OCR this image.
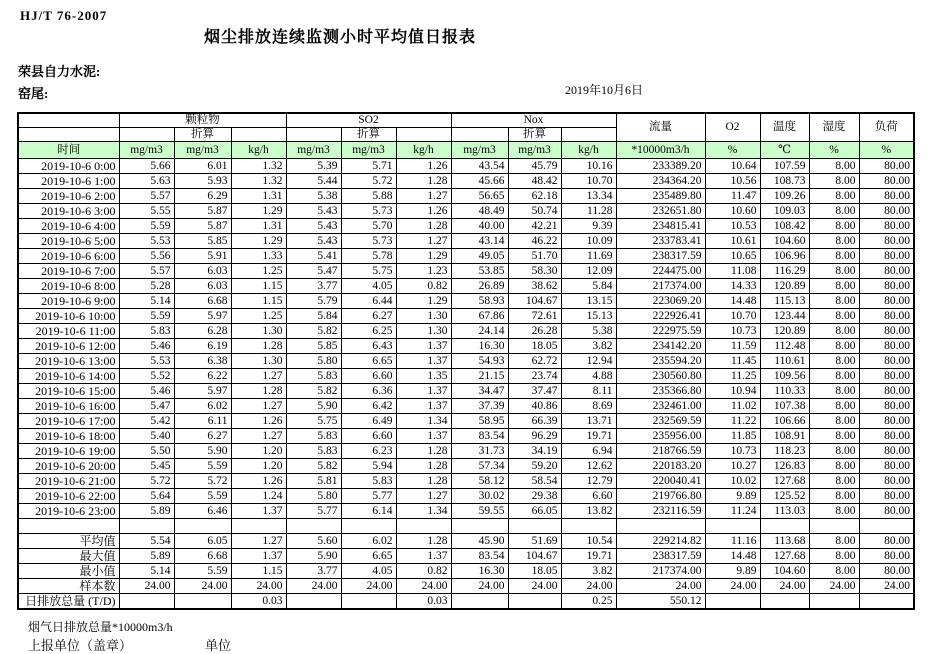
HJ/T 76-2007
烟尘排放连续监测小时平均值日报表
荣县自力水泥:
窑尾:	2019年10月6日
	颗粒物			SO2			Nox			流量	O2	温度	湿度	负荷
		折算			折算			折算						
时间	mg/m3	mg/m3	kg/h	mg/m3	mg/m3	kg/h	mg/m3	mg/m3	kg/h	*10000m3/h	%	℃	%	%

2019-10-6 0:00	5.66	6.01	1.32	5.39	5.71	1.26	43.54	45.79	10.16	233389.20	10.64	107.59	8.00	80.00

2019-10-6 1:00	5.63	5.93	1.32	5.44	5.72	1.28	45.66	48.42	10.70	234364.20	10.56	108.73	8.00	80.00

2019-10-6 2:00	5.57	6.29	1.31	5.38	5.88	1.27	56.65	62.18	13.34	235489.80	11.47	109.26	8.00	80.00

2019-10-6 3:00	5.55	5.87	1.29	5.43	5.73	1.26	48.49	50.74	11.28	232651.80	10.60	109.03	8.00	80.00

2019-10-6 4:00	5.59	5.87	1.31	5.43	5.70	1.28	40.00	42.21	9.39	234815.41	10.53	108.42	8.00	80.00

2019-10-6 5:00	5.53	5.85	1.29	5.43	5.73	1.27	43.14	46.22	10.09	233783.41	10.61	104.60	8.00	80.00

2019-10-6 6:00	5.56	5.91	1.33	5.41	5.78	1.29	49.05	51.70	11.69	238317.59	10.65	106.96	8.00	80.00

2019-10-6 7:00	5.57	6.03	1.25	5.47	5.75	1.23	53.85	58.30	12.09	224475.00	11.08	116.29	8.00	80.00

2019-10-6 8:00	5.28	6.03	1.15	3.77	4.05	0.82	26.89	38.62	5.84	217374.00	14.33	120.89	8.00	80.00

2019-10-6 9:00	5.14	6.68	1.15	5.79	6.44	1.29	58.93	104.67	13.15	223069.20	14.48	115.13	8.00	80.00

2019-10-6 10:00	5.59	5.97	1.25	5.84	6.27	1.30	67.86	72.61	15.13	222926.41	10.70	123.44	8.00	80.00

2019-10-6 11:00	5.83	6.28	1.30	5.82	6.25	1.30	24.14	26.28	5.38	222975.59	10.73	120.89	8.00	80.00

2019-10-6 12:00	5.46	6.19	1.28	5.85	6.43	1.37	16.30	18.05	3.82	234142.20	11.59	112.48	8.00	80.00

2019-10-6 13:00	5.53	6.38	1.30	5.80	6.65	1.37	54.93	62.72	12.94	235594.20	11.45	110.61	8.00	80.00

2019-10-6 14:00	5.52	6.22	1.27	5.83	6.60	1.35	21.15	23.74	4.88	230560.80	11.25	109.56	8.00	80.00

2019-10-6 15:00	5.46	5.97	1.28	5.82	6.36	1.37	34.47	37.47	8.11	235366.80	10.94	110.33	8.00	80.00

2019-10-6 16:00	5.47	6.02	1.27	5.90	6.42	1.37	37.39	40.86	8.69	232461.00	11.02	107.38	8.00	80.00

2019-10-6 17:00	5.42	6.11	1.26	5.75	6.49	1.34	58.95	66.39	13.71	232569.59	11.22	106.66	8.00	80.00

2019-10-6 18:00	5.40	6.27	1.27	5.83	6.60	1.37	83.54	96.29	19.71	235956.00	11.85	108.91	8.00	80.00

2019-10-6 19:00	5.50	5.90	1.20	5.83	6.23	1.28	31.73	34.19	6.94	218766.59	10.73	118.23	8.00	80.00

2019-10-6 20:00	5.45	5.59	1.20	5.82	5.94	1.28	57.34	59.20	12.62	220183.20	10.27	126.83	8.00	80.00

2019-10-6 21:00	5.72	5.72	1.26	5.81	5.83	1.28	58.12	58.54	12.79	220040.41	10.02	127.68	8.00	80.00

2019-10-6 22:00	5.64	5.59	1.24	5.80	5.77	1.27	30.02	29.38	6.60	219766.80	9.89	125.52	8.00	80.00

2019-10-6 23:00	5.89	6.46	1.37	5.77	6.14	1.34	59.55	66.05	13.82	232116.59	11.24	113.03	8.00	80.00

平均值	5.54	6.05	1.27	5.60	6.02	1.28	45.90	51.69	10.54	229214.82	11.16	113.68	8.00	80.00

最大值	5.89	6.68	1.37	5.90	6.65	1.37	83.54	104.67	19.71	238317.59	14.48	127.68	8.00	80.00

最小值	5.14	5.59	1.15	3.77	4.05	0.82	16.30	18.05	3.82	217374.00	9.89	104.60	8.00	80.00

样本数	24.00	24.00	24.00	24.00	24.00	24.00	24.00	24.00	24.00	24.00	24.00	24.00	24.00	24.00

日排放总量 (T/D)			0.03			0.03			0.25	550.12				
烟气日排放总量*10000m3/h
上报单位（盖章）	单位
